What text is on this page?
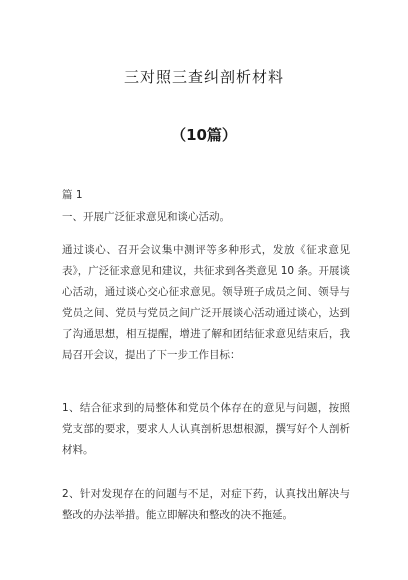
三对照三查纠剖析材料
（10篇）
篇 1
一、开展广泛征求意见和谈心活动。
通过谈心、召开会议集中测评等多种形式，发放《征求意见表》，广泛征求意见和建议，共征求到各类意见 10 条。开展谈心活动，通过谈心交心征求意见。领导班子成员之间、领导与党员之间、党员与党员之间广泛开展谈心活动通过谈心，达到了沟通思想，相互提醒，增进了解和团结征求意见结束后，我局召开会议，提出了下一步工作目标：
1、结合征求到的局整体和党员个体存在的意见与问题，按照党支部的要求，要求人人认真剖析思想根源，撰写好个人剖析材料。
2、针对发现存在的问题与不足，对症下药，认真找出解决与整改的办法举措。能立即解决和整改的决不拖延。
